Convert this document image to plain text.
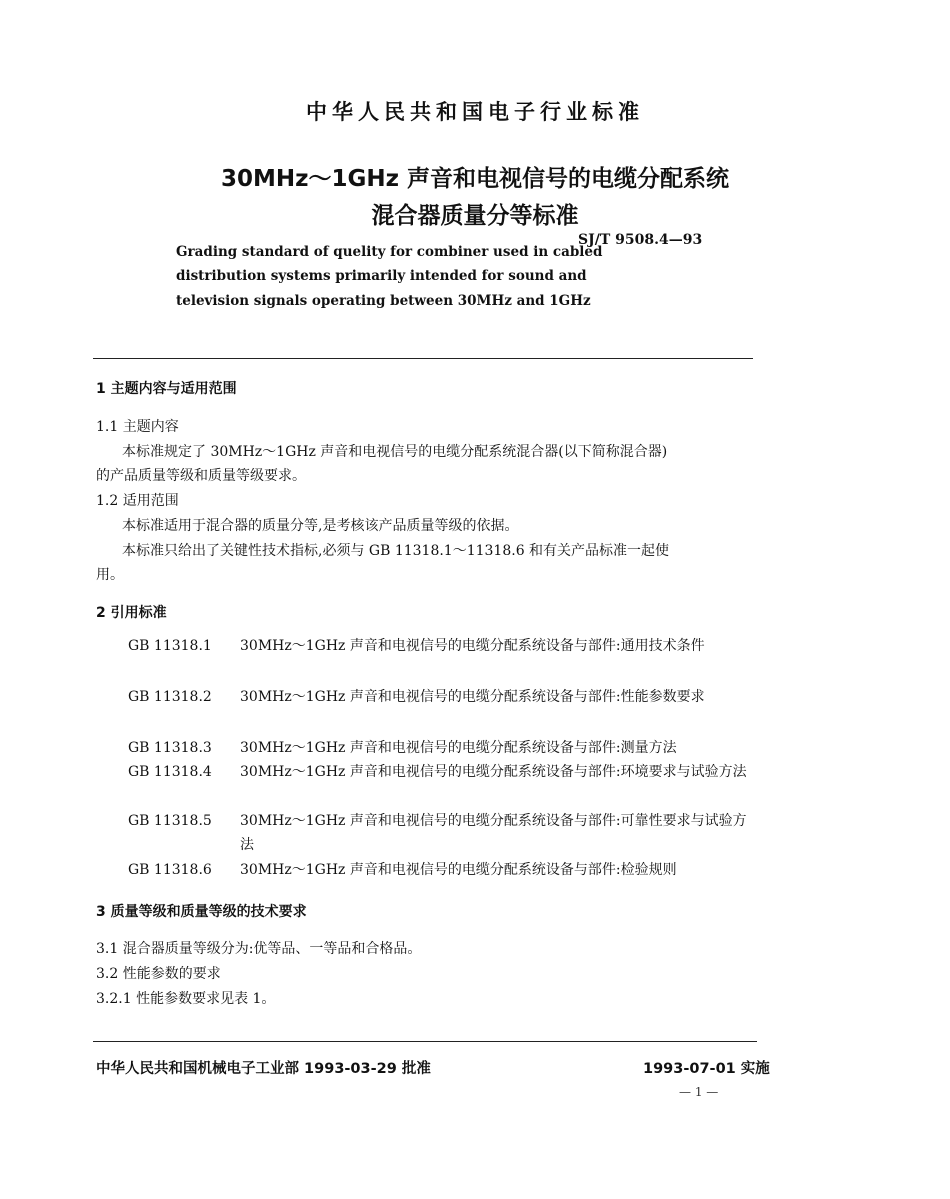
中华人民共和国电子行业标准
30MHz～1GHz 声音和电视信号的电缆分配系统
混合器质量分等标准
SJ/T 9508.4—93
Grading standard of quelity for combiner used in cabled
distribution systems primarily intended for sound and
television signals operating between 30MHz and 1GHz
1 主题内容与适用范围
1.1 主题内容
本标准规定了 30MHz～1GHz 声音和电视信号的电缆分配系统混合器(以下简称混合器)
的产品质量等级和质量等级要求。
1.2 适用范围
本标准适用于混合器的质量分等,是考核该产品质量等级的依据。
本标准只给出了关键性技术指标,必须与 GB 11318.1～11318.6 和有关产品标准一起使
用。
2 引用标准
GB 11318.1 30MHz～1GHz 声音和电视信号的电缆分配系统设备与部件:通用技术条件
GB 11318.2 30MHz～1GHz 声音和电视信号的电缆分配系统设备与部件:性能参数要求
GB 11318.3 30MHz～1GHz 声音和电视信号的电缆分配系统设备与部件:测量方法
GB 11318.4 30MHz～1GHz 声音和电视信号的电缆分配系统设备与部件:环境要求与试验方法
GB 11318.5 30MHz～1GHz 声音和电视信号的电缆分配系统设备与部件:可靠性要求与试验方法
GB 11318.6 30MHz～1GHz 声音和电视信号的电缆分配系统设备与部件:检验规则
3 质量等级和质量等级的技术要求
3.1 混合器质量等级分为:优等品、一等品和合格品。
3.2 性能参数的要求
3.2.1 性能参数要求见表 1。
中华人民共和国机械电子工业部 1993-03-29 批准	1993-07-01 实施
— 1 —
